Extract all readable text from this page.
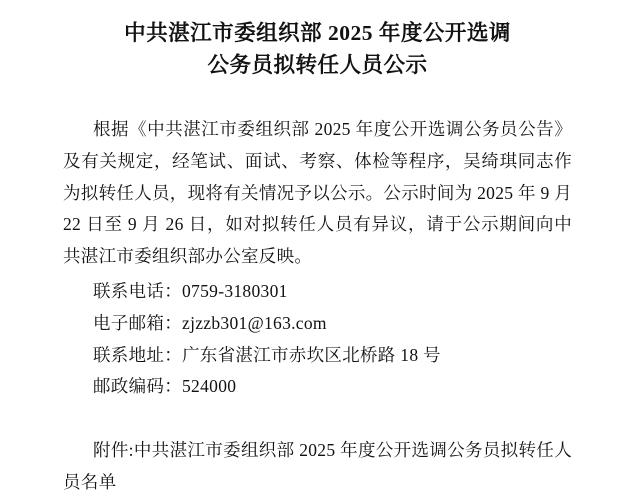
中共湛江市委组织部 2025 年度公开选调
公务员拟转任人员公示

根据《中共湛江市委组织部 2025 年度公开选调公务员公告》及有关规定，经笔试、面试、考察、体检等程序，吴绮琪同志作为拟转任人员，现将有关情况予以公示。公示时间为 2025 年 9 月 22 日至 9 月 26 日，如对拟转任人员有异议，请于公示期间向中共湛江市委组织部办公室反映。

联系电话：0759-3180301
电子邮箱：zjzzb301@163.com
联系地址：广东省湛江市赤坎区北桥路 18 号
邮政编码：524000

附件:中共湛江市委组织部 2025 年度公开选调公务员拟转任人员名单
